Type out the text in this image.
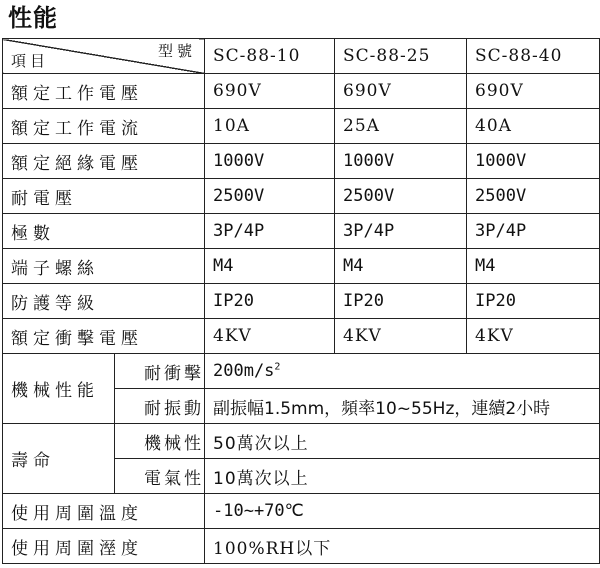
性能
型號
項目		SC-88-10	SC-88-25	SC-88-40
額定工作電壓		690V	690V	690V
額定工作電流		10A	25A	40A
額定絕緣電壓		1000V	1000V	1000V
耐電壓		2500V	2500V	2500V
極數		3P/4P	3P/4P	3P/4P
端子螺絲		M4	M4	M4
防護等級		IP20	IP20	IP20
額定衝擊電壓		4KV	4KV	4KV
機械性能	耐衝擊	$200m/s^2$
	耐振動	副振幅1.5mm，頻率10~55Hz，連續2小時		
壽命	機械性	50萬次以上		
	電氣性	10萬次以上		
使用周圍溫度		-10~+70℃		
使用周圍溼度		100%RH以下		
